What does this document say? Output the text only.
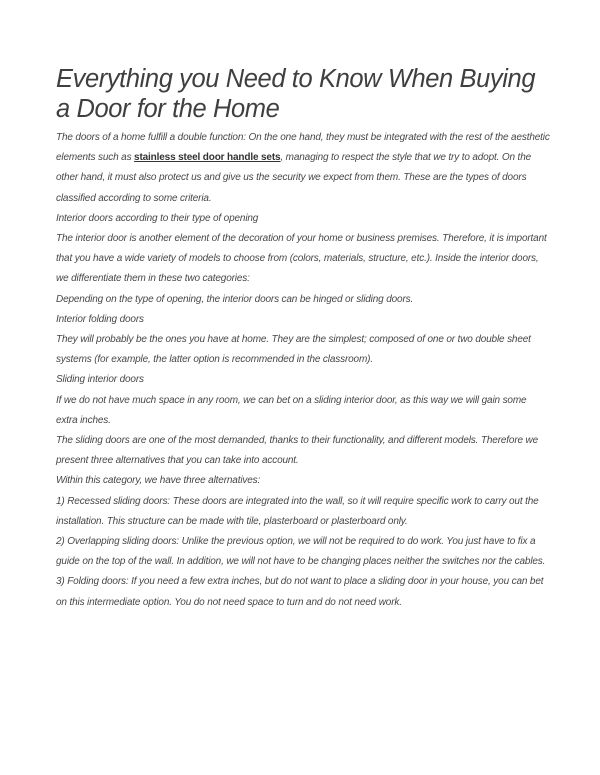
Everything you Need to Know When Buying a Door for the Home

The doors of a home fulfill a double function: On the one hand, they must be integrated with the rest of the aesthetic elements such as stainless steel door handle sets, managing to respect the style that we try to adopt. On the other hand, it must also protect us and give us the security we expect from them. These are the types of doors classified according to some criteria.

Interior doors according to their type of opening

The interior door is another element of the decoration of your home or business premises. Therefore, it is important that you have a wide variety of models to choose from (colors, materials, structure, etc.). Inside the interior doors, we differentiate them in these two categories:

Depending on the type of opening, the interior doors can be hinged or sliding doors.

Interior folding doors

They will probably be the ones you have at home. They are the simplest; composed of one or two double sheet systems (for example, the latter option is recommended in the classroom).

Sliding interior doors

If we do not have much space in any room, we can bet on a sliding interior door, as this way we will gain some extra inches.

The sliding doors are one of the most demanded, thanks to their functionality, and different models. Therefore we present three alternatives that you can take into account.

Within this category, we have three alternatives:

1) Recessed sliding doors: These doors are integrated into the wall, so it will require specific work to carry out the installation. This structure can be made with tile, plasterboard or plasterboard only.

2) Overlapping sliding doors: Unlike the previous option, we will not be required to do work. You just have to fix a guide on the top of the wall. In addition, we will not have to be changing places neither the switches nor the cables.

3) Folding doors: If you need a few extra inches, but do not want to place a sliding door in your house, you can bet on this intermediate option. You do not need space to turn and do not need work.
